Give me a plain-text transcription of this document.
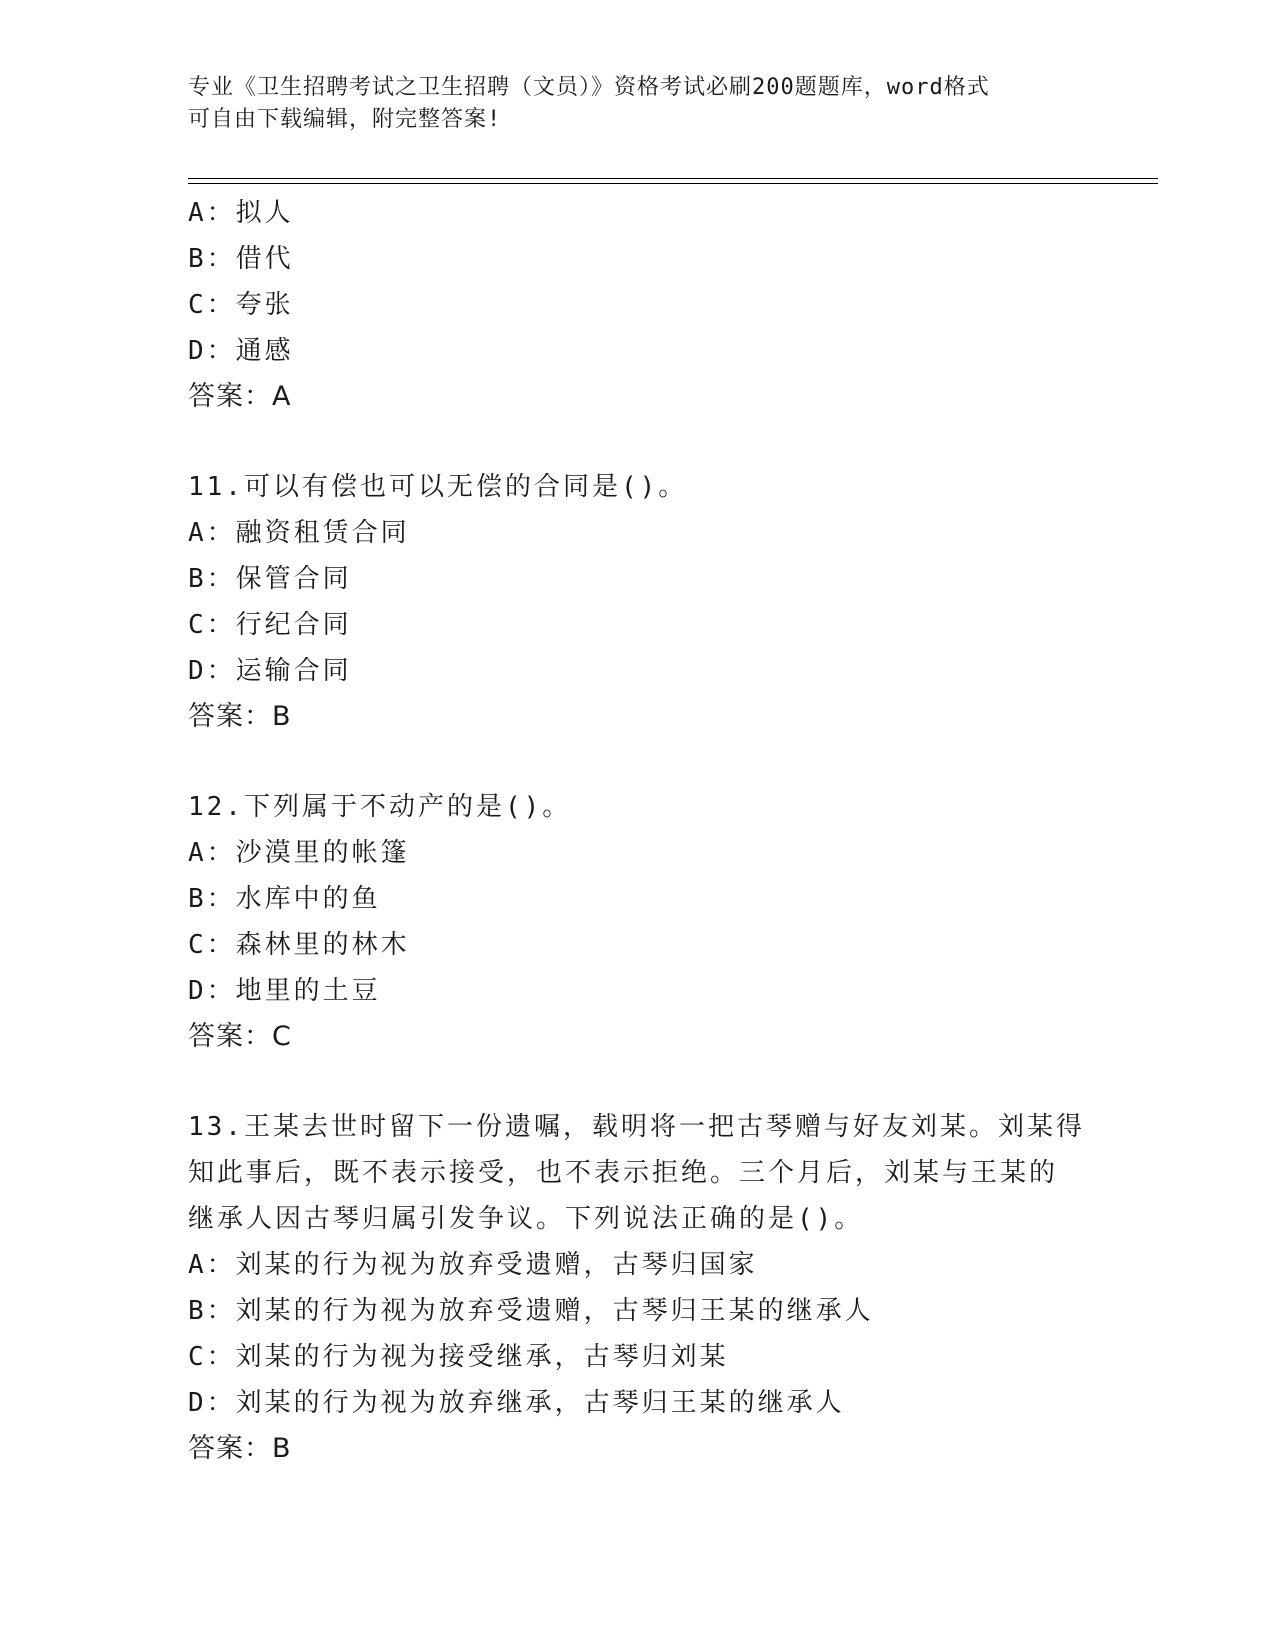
专业《卫生招聘考试之卫生招聘（文员）》资格考试必刷200题题库，word格式
可自由下载编辑，附完整答案!
A：拟人
B：借代
C：夸张
D：通感
答案：A
11.可以有偿也可以无偿的合同是()。
A：融资租赁合同
B：保管合同
C：行纪合同
D：运输合同
答案：B
12.下列属于不动产的是()。
A：沙漠里的帐篷
B：水库中的鱼
C：森林里的林木
D：地里的土豆
答案：C
13.王某去世时留下一份遗嘱，载明将一把古琴赠与好友刘某。刘某得
知此事后，既不表示接受，也不表示拒绝。三个月后，刘某与王某的
继承人因古琴归属引发争议。下列说法正确的是()。
A：刘某的行为视为放弃受遗赠，古琴归国家
B：刘某的行为视为放弃受遗赠，古琴归王某的继承人
C：刘某的行为视为接受继承，古琴归刘某
D：刘某的行为视为放弃继承，古琴归王某的继承人
答案：B
